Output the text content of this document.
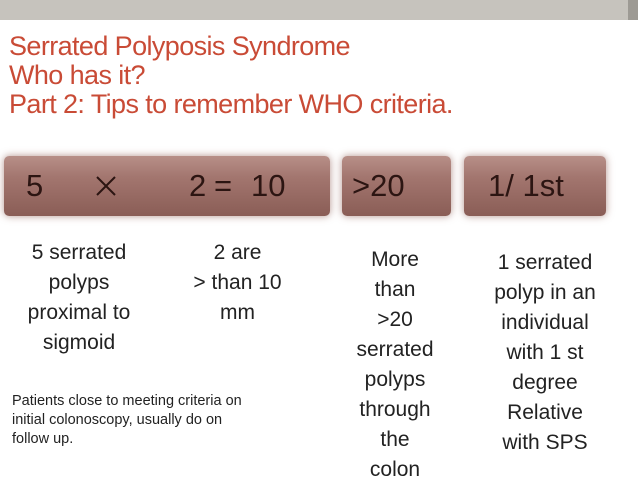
Serrated Polyposis Syndrome
Who has it?
Part 2: Tips to remember WHO criteria.
5	2 = 10 >20	1/ 1st
5 serrated
polyps
proximal to
sigmoid
2 are
> than 10
mm
More
than
>20
serrated
polyps
through
the
colon
1 serrated
polyp in an
individual
with 1 st
degree
Relative
with SPS
Patients close to meeting criteria on
initial colonoscopy, usually do on
follow up.
